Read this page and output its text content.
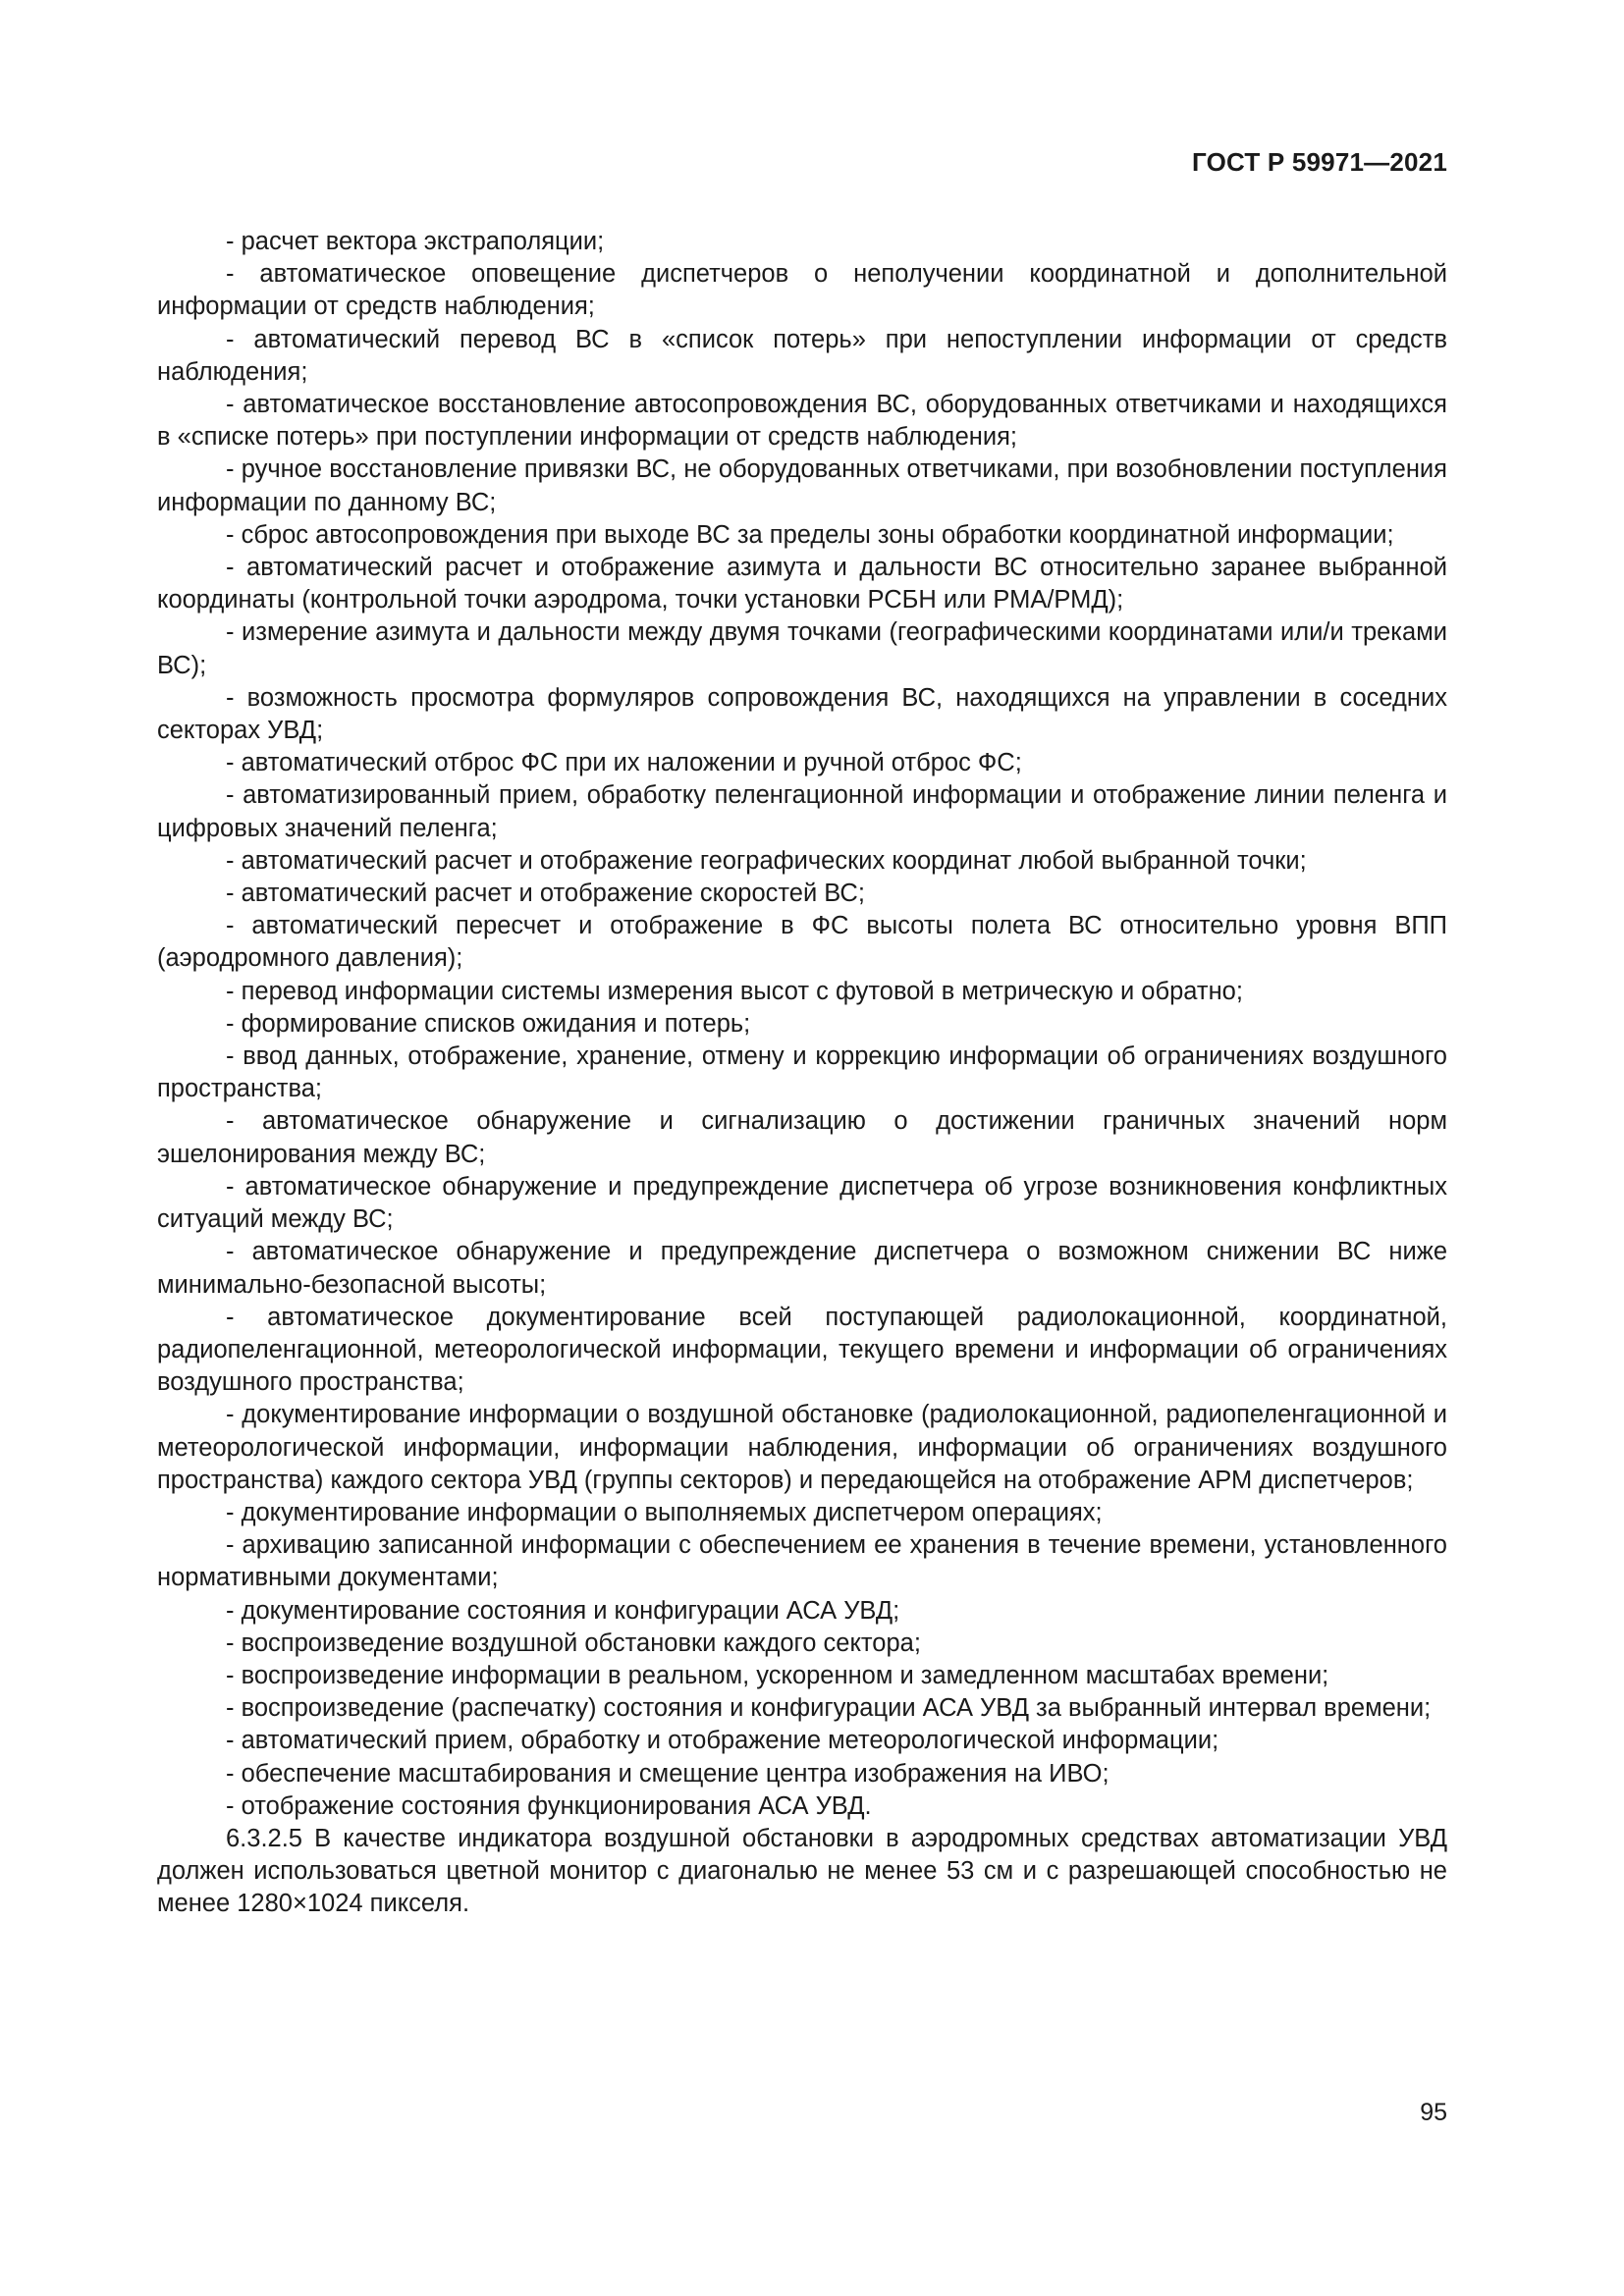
ГОСТ Р 59971—2021

- расчет вектора экстраполяции;

- автоматическое оповещение диспетчеров о неполучении координатной и дополнительной информации от средств наблюдения;

- автоматический перевод ВС в «список потерь» при непоступлении информации от средств наблюдения;

- автоматическое восстановление автосопровождения ВС, оборудованных ответчиками и находящихся в «списке потерь» при поступлении информации от средств наблюдения;

- ручное восстановление привязки ВС, не оборудованных ответчиками, при возобновлении поступления информации по данному ВС;

- сброс автосопровождения при выходе ВС за пределы зоны обработки координатной информации;

- автоматический расчет и отображение азимута и дальности ВС относительно заранее выбранной координаты (контрольной точки аэродрома, точки установки РСБН или РМА/РМД);

- измерение азимута и дальности между двумя точками (географическими координатами или/и треками ВС);

- возможность просмотра формуляров сопровождения ВС, находящихся на управлении в соседних секторах УВД;

- автоматический отброс ФС при их наложении и ручной отброс ФС;

- автоматизированный прием, обработку пеленгационной информации и отображение линии пеленга и цифровых значений пеленга;

- автоматический расчет и отображение географических координат любой выбранной точки;

- автоматический расчет и отображение скоростей ВС;

- автоматический пересчет и отображение в ФС высоты полета ВС относительно уровня ВПП (аэродромного давления);

- перевод информации системы измерения высот с футовой в метрическую и обратно;

- формирование списков ожидания и потерь;

- ввод данных, отображение, хранение, отмену и коррекцию информации об ограничениях воздушного пространства;

- автоматическое обнаружение и сигнализацию о достижении граничных значений норм эшелонирования между ВС;

- автоматическое обнаружение и предупреждение диспетчера об угрозе возникновения конфликтных ситуаций между ВС;

- автоматическое обнаружение и предупреждение диспетчера о возможном снижении ВС ниже минимально-безопасной высоты;

- автоматическое документирование всей поступающей радиолокационной, координатной, радиопеленгационной, метеорологической информации, текущего времени и информации об ограничениях воздушного пространства;

- документирование информации о воздушной обстановке (радиолокационной, радиопеленгационной и метеорологической информации, информации наблюдения, информации об ограничениях воздушного пространства) каждого сектора УВД (группы секторов) и передающейся на отображение АРМ диспетчеров;

- документирование информации о выполняемых диспетчером операциях;

- архивацию записанной информации с обеспечением ее хранения в течение времени, установленного нормативными документами;

- документирование состояния и конфигурации АСА УВД;

- воспроизведение воздушной обстановки каждого сектора;

- воспроизведение информации в реальном, ускоренном и замедленном масштабах времени;

- воспроизведение (распечатку) состояния и конфигурации АСА УВД за выбранный интервал времени;

- автоматический прием, обработку и отображение метеорологической информации;

- обеспечение масштабирования и смещение центра изображения на ИВО;

- отображение состояния функционирования АСА УВД.

6.3.2.5 В качестве индикатора воздушной обстановки в аэродромных средствах автоматизации УВД должен использоваться цветной монитор с диагональю не менее 53 см и с разрешающей способностью не менее 1280×1024 пикселя.

95
